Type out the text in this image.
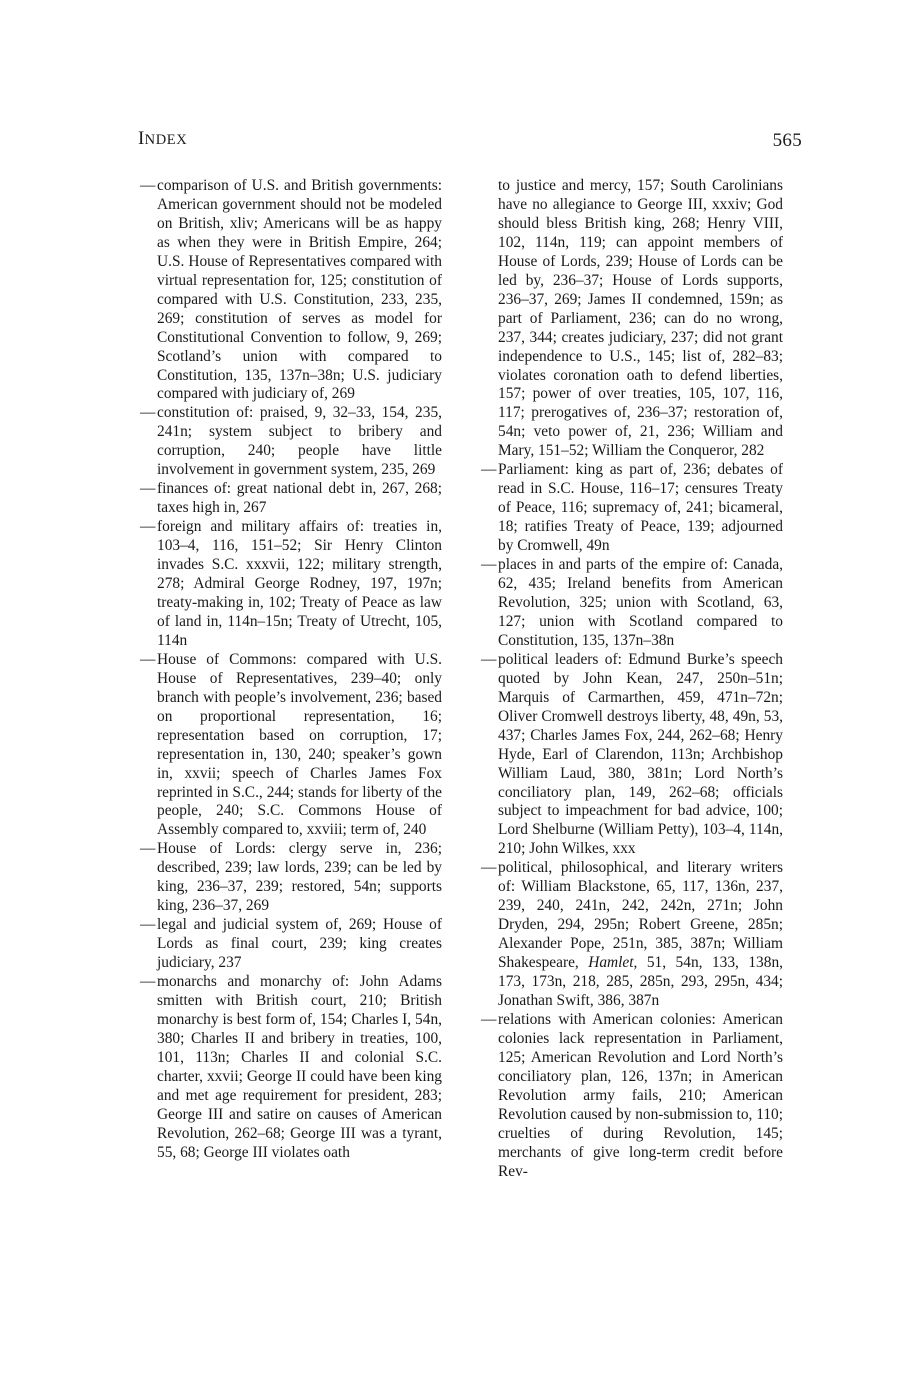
INDEX	565

— comparison of U.S. and British governments: American government should not be modeled on British, xliv; Americans will be as happy as when they were in British Empire, 264; U.S. House of Representatives compared with virtual representation for, 125; constitution of compared with U.S. Constitution, 233, 235, 269; constitution of serves as model for Constitutional Convention to follow, 9, 269; Scotland’s union with compared to Constitution, 135, 137n–38n; U.S. judiciary compared with judiciary of, 269

— constitution of: praised, 9, 32–33, 154, 235, 241n; system subject to bribery and corruption, 240; people have little involvement in government system, 235, 269

— finances of: great national debt in, 267, 268; taxes high in, 267

— foreign and military affairs of: treaties in, 103–4, 116, 151–52; Sir Henry Clinton invades S.C. xxxvii, 122; military strength, 278; Admiral George Rodney, 197, 197n; treaty-making in, 102; Treaty of Peace as law of land in, 114n–15n; Treaty of Utrecht, 105, 114n

— House of Commons: compared with U.S. House of Representatives, 239–40; only branch with people’s involvement, 236; based on proportional representation, 16; representation based on corruption, 17; representation in, 130, 240; speaker’s gown in, xxvii; speech of Charles James Fox reprinted in S.C., 244; stands for liberty of the people, 240; S.C. Commons House of Assembly compared to, xxviii; term of, 240

— House of Lords: clergy serve in, 236; described, 239; law lords, 239; can be led by king, 236–37, 239; restored, 54n; supports king, 236–37, 269

— legal and judicial system of, 269; House of Lords as final court, 239; king creates judiciary, 237

— monarchs and monarchy of: John Adams smitten with British court, 210; British monarchy is best form of, 154; Charles I, 54n, 380; Charles II and bribery in treaties, 100, 101, 113n; Charles II and colonial S.C. charter, xxvii; George II could have been king and met age requirement for president, 283; George III and satire on causes of American Revolution, 262–68; George III was a tyrant, 55, 68; George III violates oath

to justice and mercy, 157; South Carolinians have no allegiance to George III, xxxiv; God should bless British king, 268; Henry VIII, 102, 114n, 119; can appoint members of House of Lords, 239; House of Lords can be led by, 236–37; House of Lords supports, 236–37, 269; James II condemned, 159n; as part of Parliament, 236; can do no wrong, 237, 344; creates judiciary, 237; did not grant independence to U.S., 145; list of, 282–83; violates coronation oath to defend liberties, 157; power of over treaties, 105, 107, 116, 117; prerogatives of, 236–37; restoration of, 54n; veto power of, 21, 236; William and Mary, 151–52; William the Conqueror, 282

— Parliament: king as part of, 236; debates of read in S.C. House, 116–17; censures Treaty of Peace, 116; supremacy of, 241; bicameral, 18; ratifies Treaty of Peace, 139; adjourned by Cromwell, 49n

— places in and parts of the empire of: Canada, 62, 435; Ireland benefits from American Revolution, 325; union with Scotland, 63, 127; union with Scotland compared to Constitution, 135, 137n–38n

— political leaders of: Edmund Burke’s speech quoted by John Kean, 247, 250n–51n; Marquis of Carmarthen, 459, 471n–72n; Oliver Cromwell destroys liberty, 48, 49n, 53, 437; Charles James Fox, 244, 262–68; Henry Hyde, Earl of Clarendon, 113n; Archbishop William Laud, 380, 381n; Lord North’s conciliatory plan, 149, 262–68; officials subject to impeachment for bad advice, 100; Lord Shelburne (William Petty), 103–4, 114n, 210; John Wilkes, xxx

— political, philosophical, and literary writers of: William Blackstone, 65, 117, 136n, 237, 239, 240, 241n, 242, 242n, 271n; John Dryden, 294, 295n; Robert Greene, 285n; Alexander Pope, 251n, 385, 387n; William Shakespeare, Hamlet, 51, 54n, 133, 138n, 173, 173n, 218, 285, 285n, 293, 295n, 434; Jonathan Swift, 386, 387n

— relations with American colonies: American colonies lack representation in Parliament, 125; American Revolution and Lord North’s conciliatory plan, 126, 137n; in American Revolution army fails, 210; American Revolution caused by non-submission to, 110; cruelties of during Revolution, 145; merchants of give long-term credit before Rev-
